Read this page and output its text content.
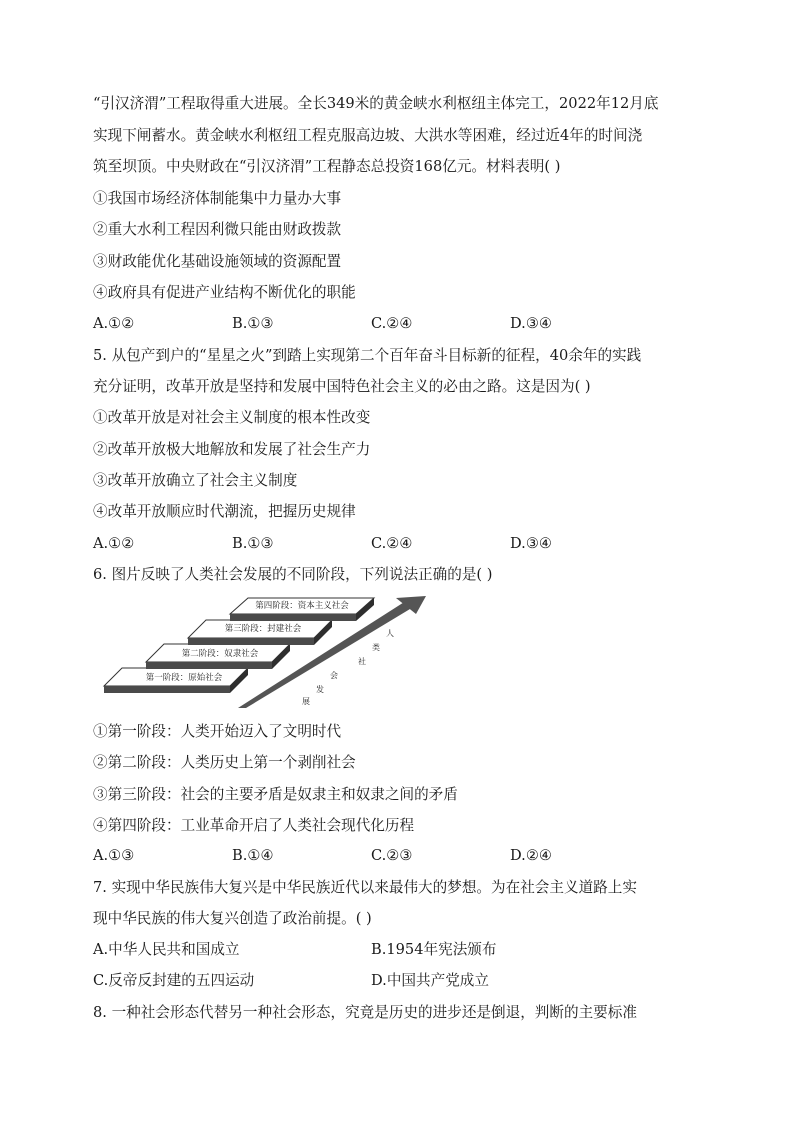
“引汉济渭”工程取得重大进展。全长349米的黄金峡水利枢纽主体完工，2022年12月底
实现下闸蓄水。黄金峡水利枢纽工程克服高边坡、大洪水等困难，经过近4年的时间浇
筑至坝顶。中央财政在“引汉济渭”工程静态总投资168亿元。材料表明( )
①我国市场经济体制能集中力量办大事
②重大水利工程因利微只能由财政拨款
③财政能优化基础设施领域的资源配置
④政府具有促进产业结构不断优化的职能
A.①②	B.①③	C.②④	D.③④
5. 从包产到户的“星星之火”到踏上实现第二个百年奋斗目标新的征程，40余年的实践
充分证明，改革开放是坚持和发展中国特色社会主义的必由之路。这是因为( )
①改革开放是对社会主义制度的根本性改变
②改革开放极大地解放和发展了社会生产力
③改革开放确立了社会主义制度
④改革开放顺应时代潮流，把握历史规律
A.①②	B.①③	C.②④	D.③④
6. 图片反映了人类社会发展的不同阶段，下列说法正确的是( )
第一阶段：原始社会
第二阶段：奴隶社会
第三阶段：封建社会
第四阶段：资本主义社会
人
类
社
会
发
展
①第一阶段：人类开始迈入了文明时代
②第二阶段：人类历史上第一个剥削社会
③第三阶段：社会的主要矛盾是奴隶主和奴隶之间的矛盾
④第四阶段：工业革命开启了人类社会现代化历程
A.①③	B.①④	C.②③	D.②④
7. 实现中华民族伟大复兴是中华民族近代以来最伟大的梦想。为在社会主义道路上实
现中华民族的伟大复兴创造了政治前提。( )
A.中华人民共和国成立	B.1954年宪法颁布
C.反帝反封建的五四运动	D.中国共产党成立
8. 一种社会形态代替另一种社会形态，究竟是历史的进步还是倒退，判断的主要标准
